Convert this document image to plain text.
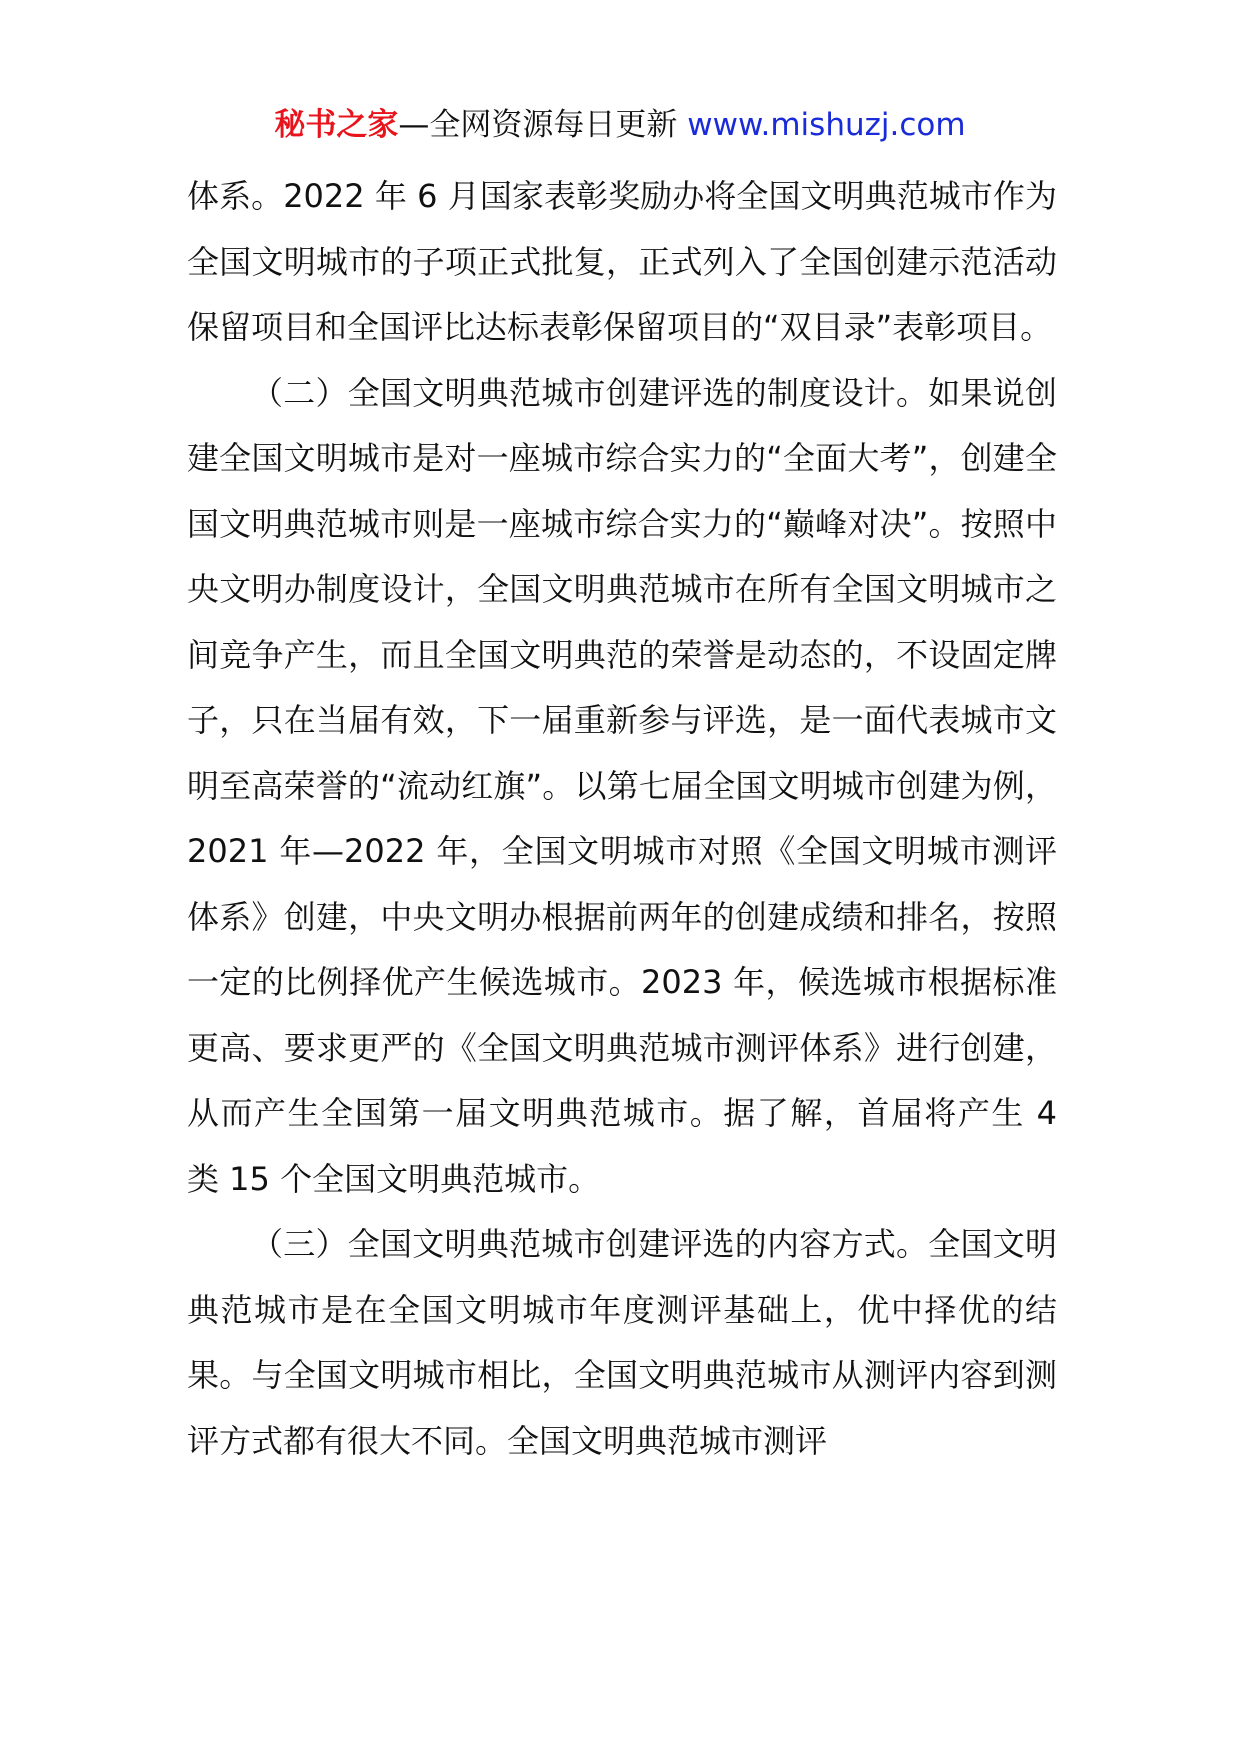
秘书之家—全网资源每日更新 www.mishuzj.com

体系。2022 年 6 月国家表彰奖励办将全国文明典范城市作为全国文明城市的子项正式批复，正式列入了全国创建示范活动保留项目和全国评比达标表彰保留项目的“双目录”表彰项目。

（二）全国文明典范城市创建评选的制度设计。如果说创建全国文明城市是对一座城市综合实力的“全面大考”，创建全国文明典范城市则是一座城市综合实力的“巅峰对决”。按照中央文明办制度设计，全国文明典范城市在所有全国文明城市之间竞争产生，而且全国文明典范的荣誉是动态的，不设固定牌子，只在当届有效，下一届重新参与评选，是一面代表城市文明至高荣誉的“流动红旗”。以第七届全国文明城市创建为例，2021 年—2022 年，全国文明城市对照《全国文明城市测评体系》创建，中央文明办根据前两年的创建成绩和排名，按照一定的比例择优产生候选城市。2023 年，候选城市根据标准更高、要求更严的《全国文明典范城市测评体系》进行创建，从而产生全国第一届文明典范城市。据了解，首届将产生 4 类 15 个全国文明典范城市。

（三）全国文明典范城市创建评选的内容方式。全国文明典范城市是在全国文明城市年度测评基础上，优中择优的结果。与全国文明城市相比，全国文明典范城市从测评内容到测评方式都有很大不同。全国文明典范城市测评
